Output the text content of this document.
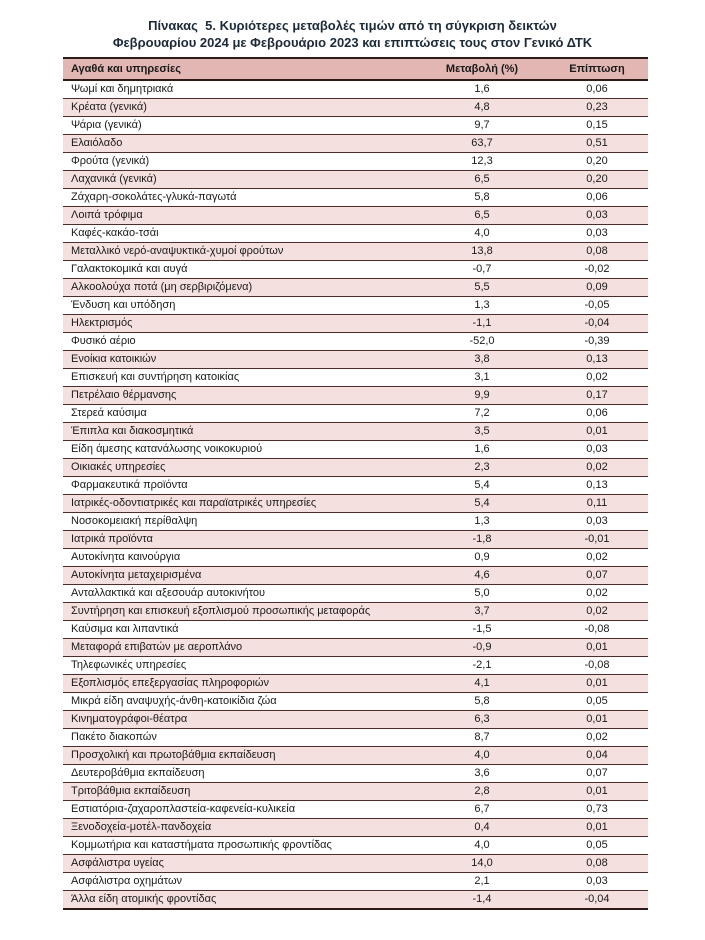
Πίνακας  5. Κυριότερες μεταβολές τιμών από τη σύγκριση δεικτών
Φεβρουαρίου 2024 με Φεβρουάριο 2023 και επιπτώσεις τους στον Γενικό ΔΤΚ
Αγαθά και υπηρεσίες	Μεταβολή (%)	Επίπτωση
Ψωμί και δημητριακά	1,6	0,06
Κρέατα (γενικά)	4,8	0,23
Ψάρια (γενικά)	9,7	0,15
Ελαιόλαδο	63,7	0,51
Φρούτα (γενικά)	12,3	0,20
Λαχανικά (γενικά)	6,5	0,20
Ζάχαρη-σοκολάτες-γλυκά-παγωτά	5,8	0,06
Λοιπά τρόφιμα	6,5	0,03
Καφές-κακάο-τσάι	4,0	0,03
Μεταλλικό νερό-αναψυκτικά-χυμοί φρούτων	13,8	0,08
Γαλακτοκομικά και αυγά	-0,7	-0,02
Αλκοολούχα ποτά (μη σερβιριζόμενα)	5,5	0,09
Ένδυση και υπόδηση	1,3	-0,05
Ηλεκτρισμός	-1,1	-0,04
Φυσικό αέριο	-52,0	-0,39
Ενοίκια κατοικιών	3,8	0,13
Επισκευή και συντήρηση κατοικίας	3,1	0,02
Πετρέλαιο θέρμανσης	9,9	0,17
Στερεά καύσιμα	7,2	0,06
Έπιπλα και διακοσμητικά	3,5	0,01
Είδη άμεσης κατανάλωσης νοικοκυριού	1,6	0,03
Οικιακές υπηρεσίες	2,3	0,02
Φαρμακευτικά προϊόντα	5,4	0,13
Ιατρικές-οδοντιατρικές και παραϊατρικές υπηρεσίες	5,4	0,11
Νοσοκομειακή περίθαλψη	1,3	0,03
Ιατρικά προϊόντα	-1,8	-0,01
Αυτοκίνητα καινούργια	0,9	0,02
Αυτοκίνητα μεταχειρισμένα	4,6	0,07
Ανταλλακτικά και αξεσουάρ αυτοκινήτου	5,0	0,02
Συντήρηση και επισκευή εξοπλισμού προσωπικής μεταφοράς	3,7	0,02
Καύσιμα και λιπαντικά	-1,5	-0,08
Μεταφορά επιβατών με αεροπλάνο	-0,9	0,01
Τηλεφωνικές υπηρεσίες	-2,1	-0,08
Εξοπλισμός επεξεργασίας πληροφοριών	4,1	0,01
Μικρά είδη αναψυχής-άνθη-κατοικίδια ζώα	5,8	0,05
Κινηματογράφοι-θέατρα	6,3	0,01
Πακέτο διακοπών	8,7	0,02
Προσχολική και πρωτοβάθμια εκπαίδευση	4,0	0,04
Δευτεροβάθμια εκπαίδευση	3,6	0,07
Τριτοβάθμια εκπαίδευση	2,8	0,01
Εστιατόρια-ζαχαροπλαστεία-καφενεία-κυλικεία	6,7	0,73
Ξενοδοχεία-μοτέλ-πανδοχεία	0,4	0,01
Κομμωτήρια και καταστήματα προσωπικής φροντίδας	4,0	0,05
Ασφάλιστρα υγείας	14,0	0,08
Ασφάλιστρα οχημάτων	2,1	0,03
Άλλα είδη ατομικής φροντίδας	-1,4	-0,04
